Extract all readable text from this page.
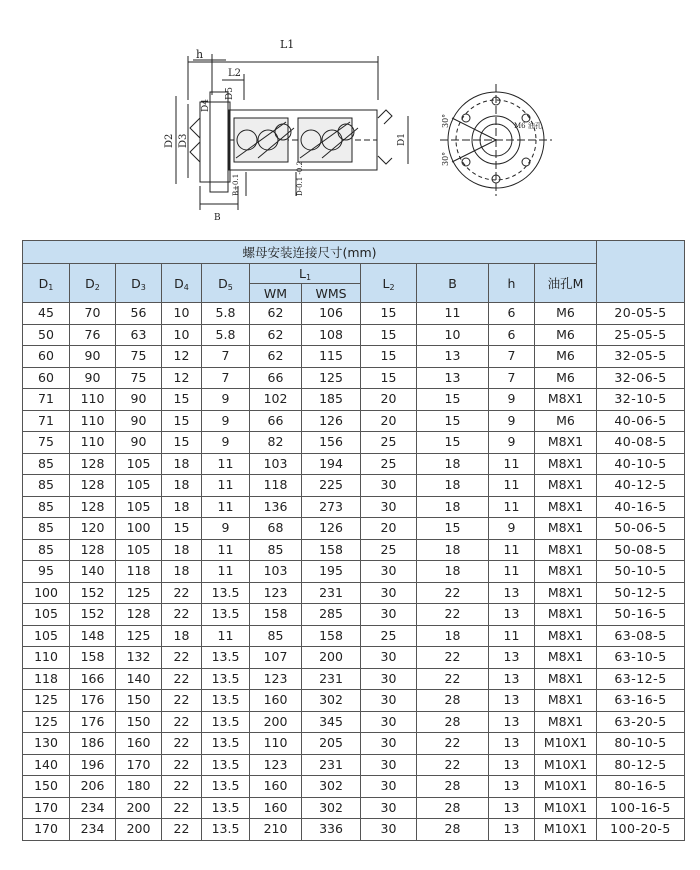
L1
h
L2
D4
D5
D2 D3	D1
B
D-0.1 -0.2
B+0.1
30°
30°
M6 油孔
螺母安装连接尺寸(mm)											
$D_1$	$D_2$	$D_3$	$D_4$	$D_5$	$L_1$		$L_2$	B	h	油孔M	
					WM	WMS					
45	70	56	10	5.8	62	106	15	11	6	M6	20-05-5
50	76	63	10	5.8	62	108	15	10	6	M6	25-05-5
60	90	75	12	7	62	115	15	13	7	M6	32-05-5
60	90	75	12	7	66	125	15	13	7	M6	32-06-5
71	110	90	15	9	102	185	20	15	9	M8X1	32-10-5
71	110	90	15	9	66	126	20	15	9	M6	40-06-5
75	110	90	15	9	82	156	25	15	9	M8X1	40-08-5
85	128	105	18	11	103	194	25	18	11	M8X1	40-10-5
85	128	105	18	11	118	225	30	18	11	M8X1	40-12-5
85	128	105	18	11	136	273	30	18	11	M8X1	40-16-5
85	120	100	15	9	68	126	20	15	9	M8X1	50-06-5
85	128	105	18	11	85	158	25	18	11	M8X1	50-08-5
95	140	118	18	11	103	195	30	18	11	M8X1	50-10-5
100	152	125	22	13.5	123	231	30	22	13	M8X1	50-12-5
105	152	128	22	13.5	158	285	30	22	13	M8X1	50-16-5
105	148	125	18	11	85	158	25	18	11	M8X1	63-08-5
110	158	132	22	13.5	107	200	30	22	13	M8X1	63-10-5
118	166	140	22	13.5	123	231	30	22	13	M8X1	63-12-5
125	176	150	22	13.5	160	302	30	28	13	M8X1	63-16-5
125	176	150	22	13.5	200	345	30	28	13	M8X1	63-20-5
130	186	160	22	13.5	110	205	30	22	13	M10X1	80-10-5
140	196	170	22	13.5	123	231	30	22	13	M10X1	80-12-5
150	206	180	22	13.5	160	302	30	28	13	M10X1	80-16-5
170	234	200	22	13.5	160	302	30	28	13	M10X1	100-16-5
170	234	200	22	13.5	210	336	30	28	13	M10X1	100-20-5
